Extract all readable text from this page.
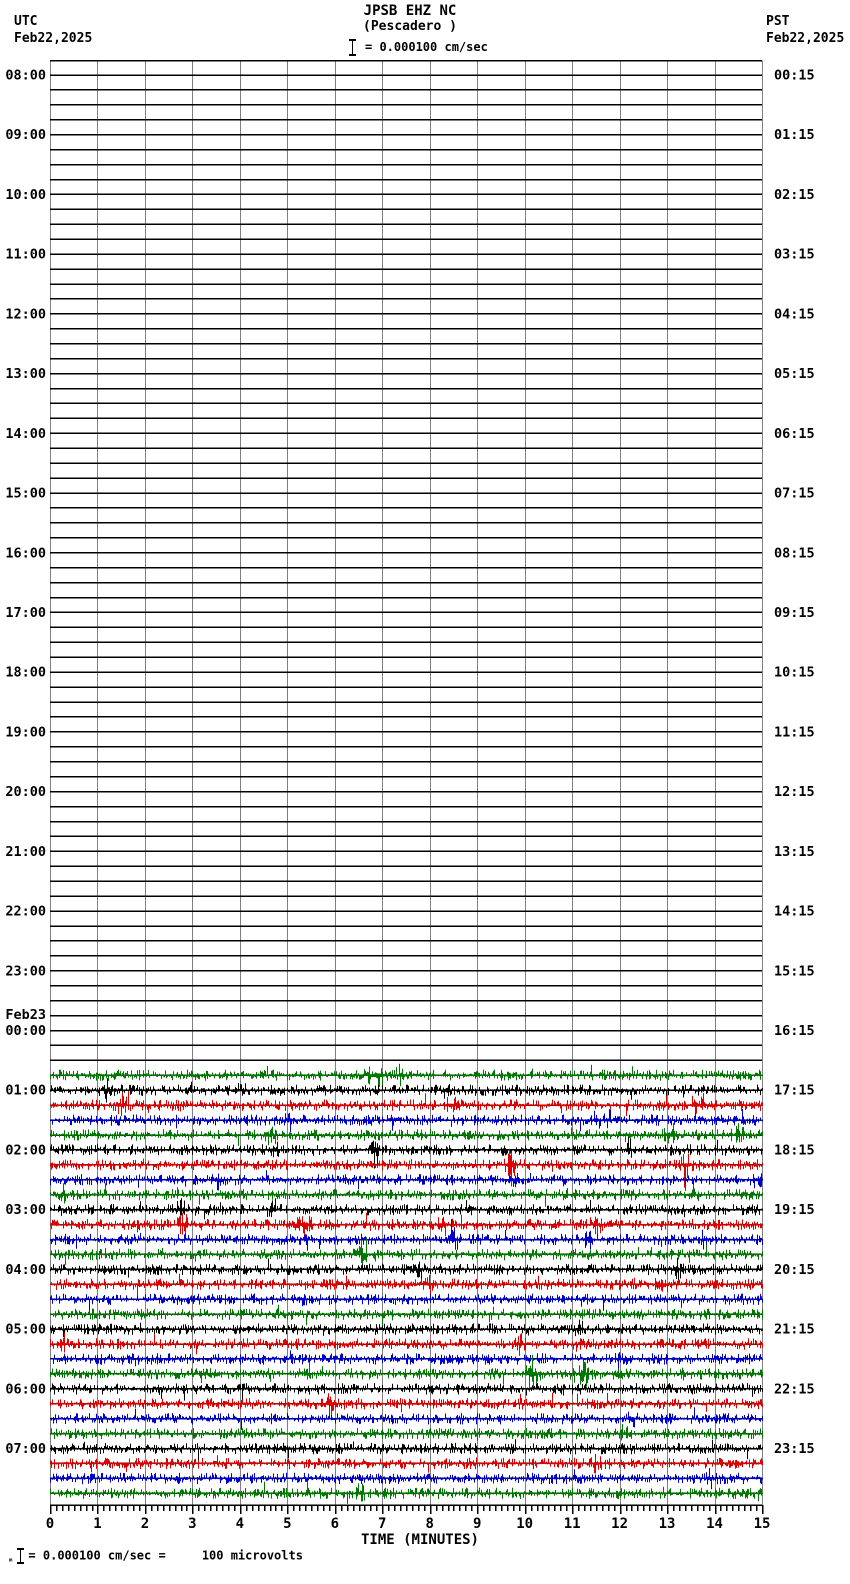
UTC
Feb22,2025
PST
Feb22,2025
JPSB EHZ NC
(Pescadero )
= 0.000100 cm/sec
08:00
09:00
10:00
11:00
12:00
13:00
14:00
15:00
16:00
17:00
18:00
19:00
20:00
21:00
22:00
23:00
00:00
Feb23
01:00
02:00
03:00
04:00
05:00
06:00
07:00
00:15
01:15
02:15
03:15
04:15
05:15
06:15
07:15
08:15
09:15
10:15
11:15
12:15
13:15
14:15
15:15
16:15
17:15
18:15
19:15
20:15
21:15
22:15
23:15
0	1	2	3	4	5	6	7	8	9 10 11 12 13 14 15
TIME (MINUTES)
ₘ = 0.000100 cm/sec =     100 microvolts
